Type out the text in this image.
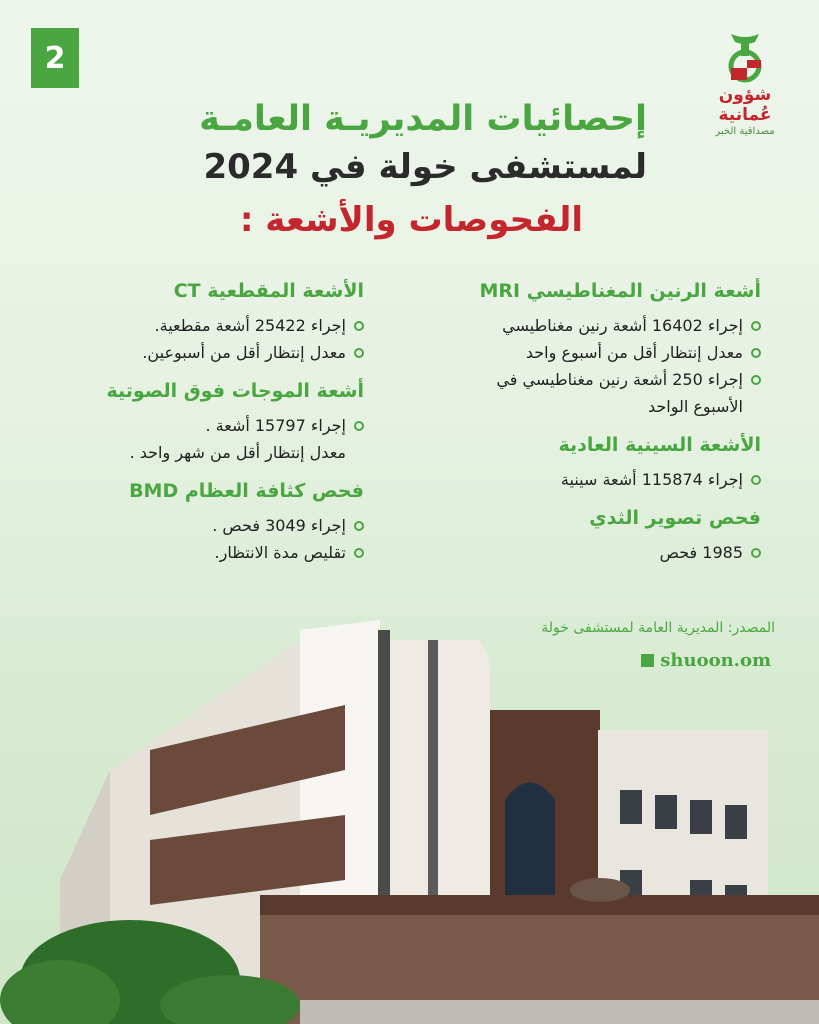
2
شؤون عُمانية
مصداقية الخبر
إحصائيات المديريـة العامـة
لمستشفى خولة في 2024
الفحوصات والأشعة :
أشعة الرنين المغناطيسي MRI
إجراء 16402 أشعة رنين مغناطيسي
معدل إنتظار أقل من أسبوع واحد
إجراء 250 أشعة رنين مغناطيسي في
الأسبوع الواحد
الأشعة السينية العادية
إجراء 115874 أشعة سينية
فحص تصوير الثدي
1985 فحص
الأشعة المقطعية CT
إجراء 25422 أشعة مقطعية.
معدل إنتظار أقل من أسبوعين.
أشعة الموجات فوق الصوتية
إجراء 15797 أشعة .
معدل إنتظار أقل من شهر واحد .
فحص كثافة العظام BMD
إجراء 3049 فحص .
تقليص مدة الانتظار.
المصدر: المديرية العامة لمستشفى خولة
shuoon.om
